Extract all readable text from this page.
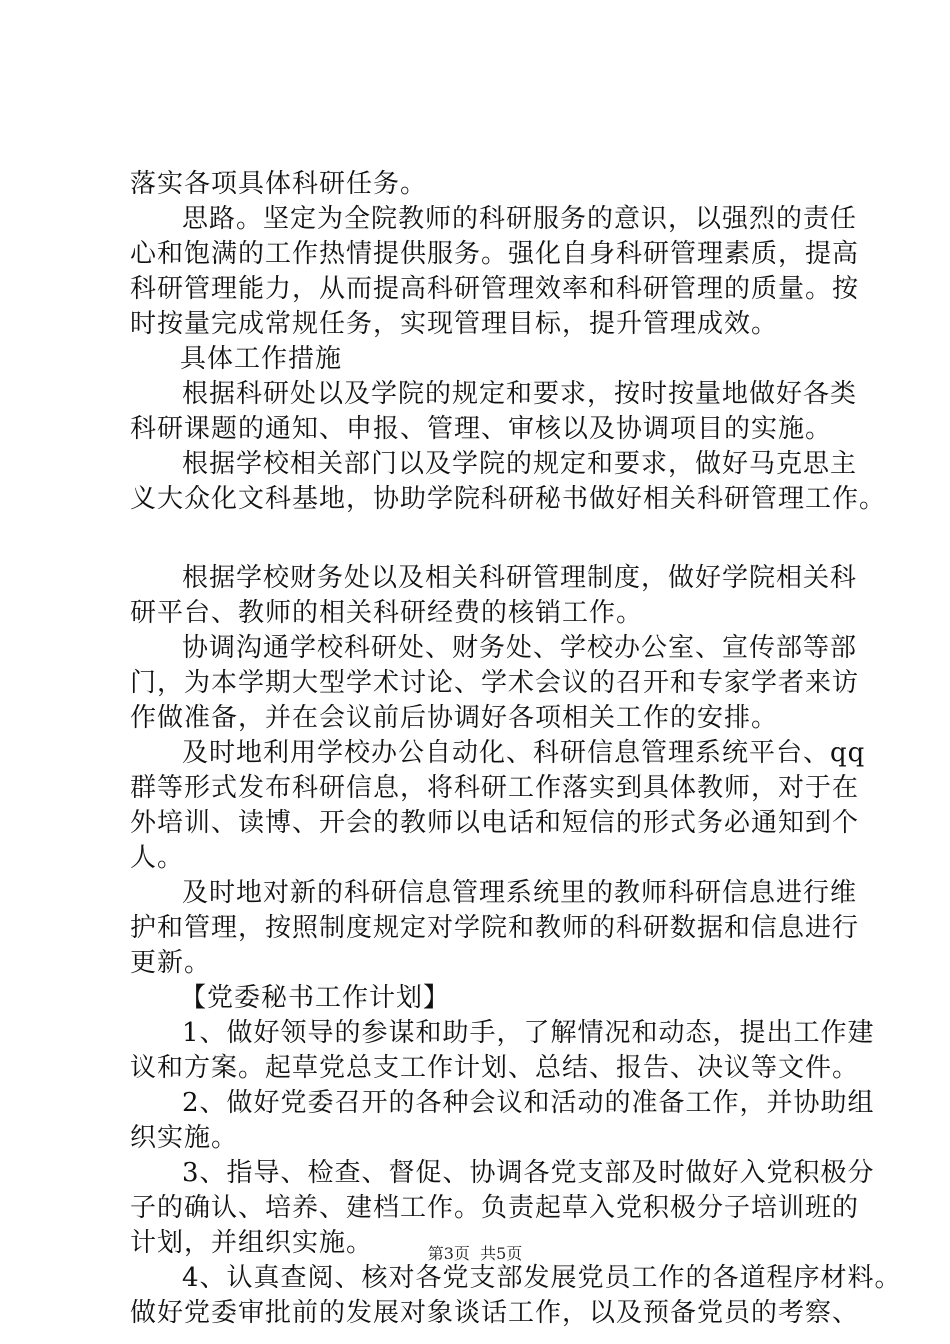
落实各项具体科研任务。
思路。坚定为全院教师的科研服务的意识，以强烈的责任
心和饱满的工作热情提供服务。强化自身科研管理素质，提高
科研管理能力，从而提高科研管理效率和科研管理的质量。按
时按量完成常规任务，实现管理目标，提升管理成效。
具体工作措施
根据科研处以及学院的规定和要求，按时按量地做好各类
科研课题的通知、申报、管理、审核以及协调项目的实施。
根据学校相关部门以及学院的规定和要求，做好马克思主
义大众化文科基地，协助学院科研秘书做好相关科研管理工作。
根据学校财务处以及相关科研管理制度，做好学院相关科
研平台、教师的相关科研经费的核销工作。
协调沟通学校科研处、财务处、学校办公室、宣传部等部
门，为本学期大型学术讨论、学术会议的召开和专家学者来访
作做准备，并在会议前后协调好各项相关工作的安排。
及时地利用学校办公自动化、科研信息管理系统平台、qq
群等形式发布科研信息，将科研工作落实到具体教师，对于在
外培训、读博、开会的教师以电话和短信的形式务必通知到个
人。
及时地对新的科研信息管理系统里的教师科研信息进行维
护和管理，按照制度规定对学院和教师的科研数据和信息进行
更新。
【党委秘书工作计划】
1、做好领导的参谋和助手，了解情况和动态，提出工作建
议和方案。起草党总支工作计划、总结、报告、决议等文件。
2、做好党委召开的各种会议和活动的准备工作，并协助组
织实施。
3、指导、检查、督促、协调各党支部及时做好入党积极分
子的确认、培养、建档工作。负责起草入党积极分子培训班的
计划，并组织实施。
4、认真查阅、核对各党支部发展党员工作的各道程序材料。
做好党委审批前的发展对象谈话工作，以及预备党员的考察、
第3页  共5页
